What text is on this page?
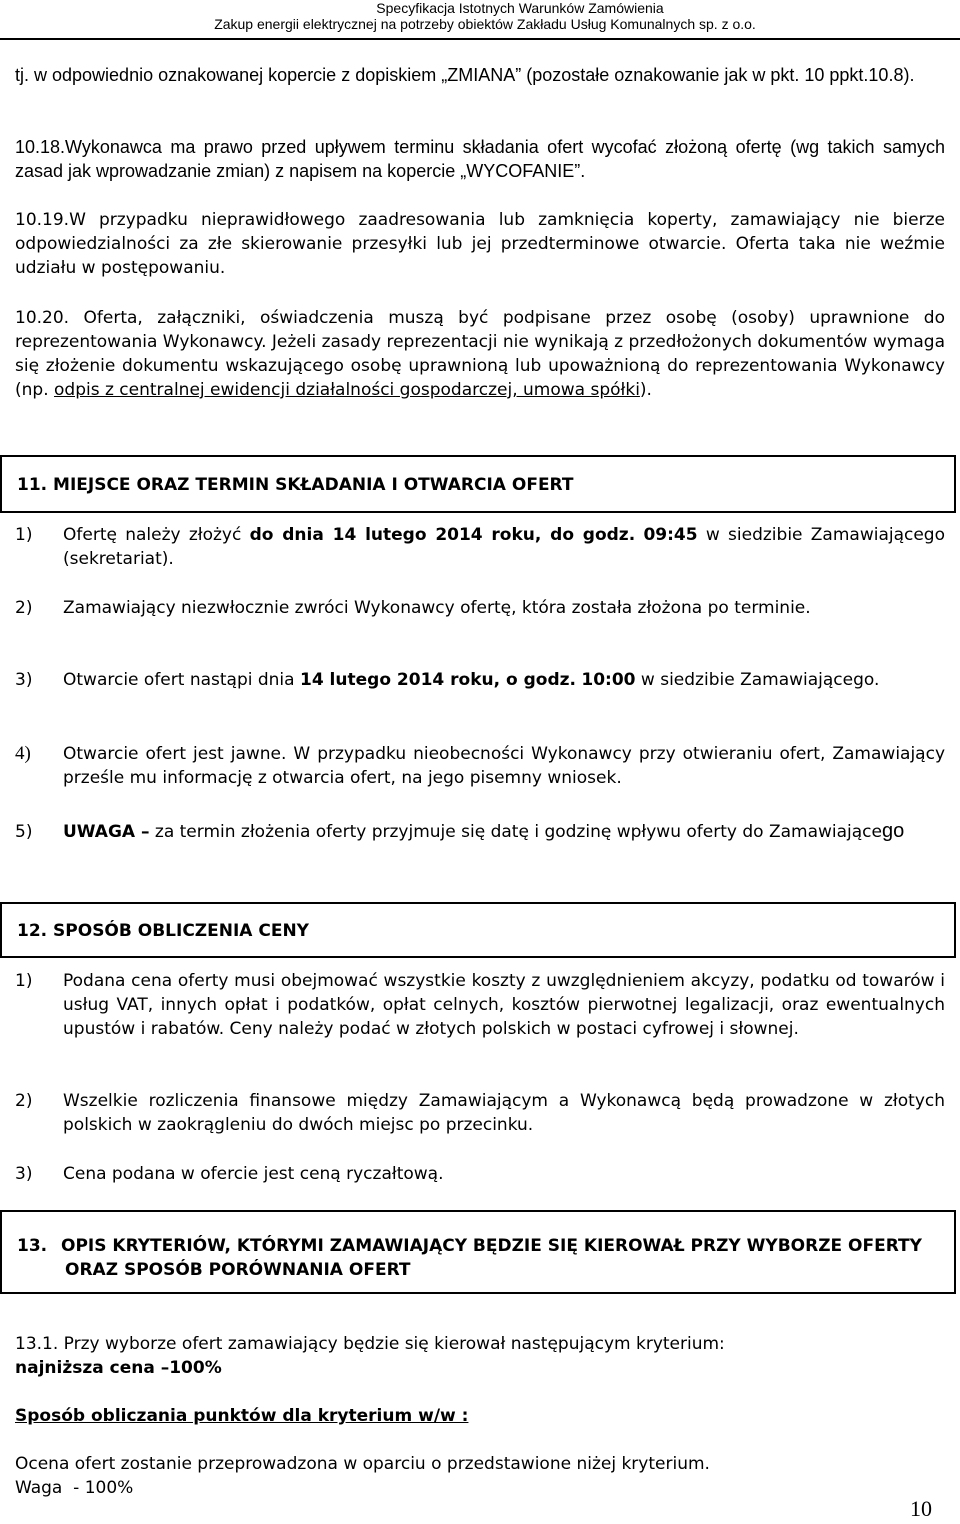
Specyfikacja Istotnych Warunków Zamówienia
Zakup energii elektrycznej na potrzeby obiektów Zakładu Usług Komunalnych sp. z o.o.
tj. w odpowiednio oznakowanej kopercie z dopiskiem „ZMIANA” (pozostałe oznakowanie jak w pkt. 10 ppkt.10.8).
10.18.Wykonawca ma prawo przed upływem terminu składania ofert wycofać złożoną ofertę (wg takich samych zasad jak wprowadzanie zmian) z napisem na kopercie „WYCOFANIE”.
10.19.W przypadku nieprawidłowego zaadresowania lub zamknięcia koperty, zamawiający nie bierze odpowiedzialności za złe skierowanie przesyłki lub jej przedterminowe otwarcie. Oferta taka nie weźmie udziału w postępowaniu.
10.20. Oferta, załączniki, oświadczenia muszą być podpisane przez osobę (osoby) uprawnione do reprezentowania Wykonawcy. Jeżeli zasady reprezentacji nie wynikają z przedłożonych dokumentów wymaga się złożenie dokumentu wskazującego osobę uprawnioną lub upoważnioną do reprezentowania Wykonawcy (np. odpis z centralnej ewidencji działalności gospodarczej, umowa spółki).
11. MIEJSCE ORAZ TERMIN SKŁADANIA I OTWARCIA OFERT
1) Ofertę należy złożyć do dnia 14 lutego 2014 roku, do godz. 09:45 w siedzibie Zamawiającego (sekretariat).
2) Zamawiający niezwłocznie zwróci Wykonawcy ofertę, która została złożona po terminie.
3) Otwarcie ofert nastąpi dnia 14 lutego 2014 roku, o godz. 10:00 w siedzibie Zamawiającego.
4) Otwarcie ofert jest jawne. W przypadku nieobecności Wykonawcy przy otwieraniu ofert, Zamawiający prześle mu informację z otwarcia ofert, na jego pisemny wniosek.
5) UWAGA – za termin złożenia oferty przyjmuje się datę i godzinę wpływu oferty do Zamawiającego
12. SPOSÓB OBLICZENIA CENY
1) Podana cena oferty musi obejmować wszystkie koszty z uwzględnieniem akcyzy, podatku od towarów i usług VAT, innych opłat i podatków, opłat celnych, kosztów pierwotnej legalizacji, oraz ewentualnych upustów i rabatów. Ceny należy podać w złotych polskich w postaci cyfrowej i słownej.
2) Wszelkie rozliczenia finansowe między Zamawiającym a Wykonawcą będą prowadzone w złotych polskich w zaokrągleniu do dwóch miejsc po przecinku.
3) Cena podana w ofercie jest ceną ryczałtową.
13. OPIS KRYTERIÓW, KTÓRYMI ZAMAWIAJĄCY BĘDZIE SIĘ KIEROWAŁ PRZY WYBORZE OFERTY ORAZ SPOSÓB PORÓWNANIA OFERT
13.1. Przy wyborze ofert zamawiający będzie się kierował następującym kryterium:
najniższa cena –100%
Sposób obliczania punktów dla kryterium w/w :
Ocena ofert zostanie przeprowadzona w oparciu o przedstawione niżej kryterium.
Waga  - 100%
10
